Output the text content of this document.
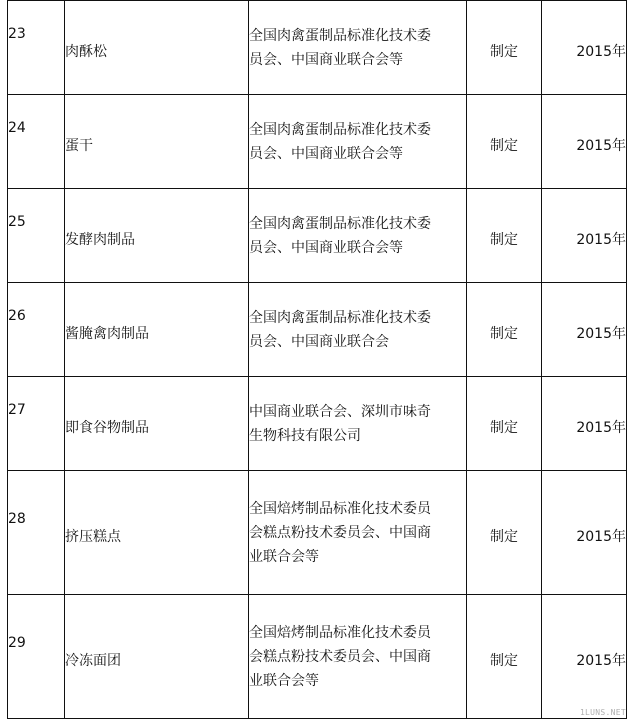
23	肉酥松	全国肉禽蛋制品标准化技术委
员会、中国商业联合会等	制定	2015年
24	蛋干	全国肉禽蛋制品标准化技术委
员会、中国商业联合会等	制定	2015年
25	发酵肉制品	全国肉禽蛋制品标准化技术委
员会、中国商业联合会等	制定	2015年
26	酱腌禽肉制品	全国肉禽蛋制品标准化技术委
员会、中国商业联合会	制定	2015年
27	即食谷物制品	中国商业联合会、深圳市味奇
生物科技有限公司	制定	2015年
28	挤压糕点	全国焙烤制品标准化技术委员
会糕点粉技术委员会、中国商
业联合会等	制定	2015年
29	冷冻面团	全国焙烤制品标准化技术委员
会糕点粉技术委员会、中国商
业联合会等	制定	2015年
1LUNS.NET
